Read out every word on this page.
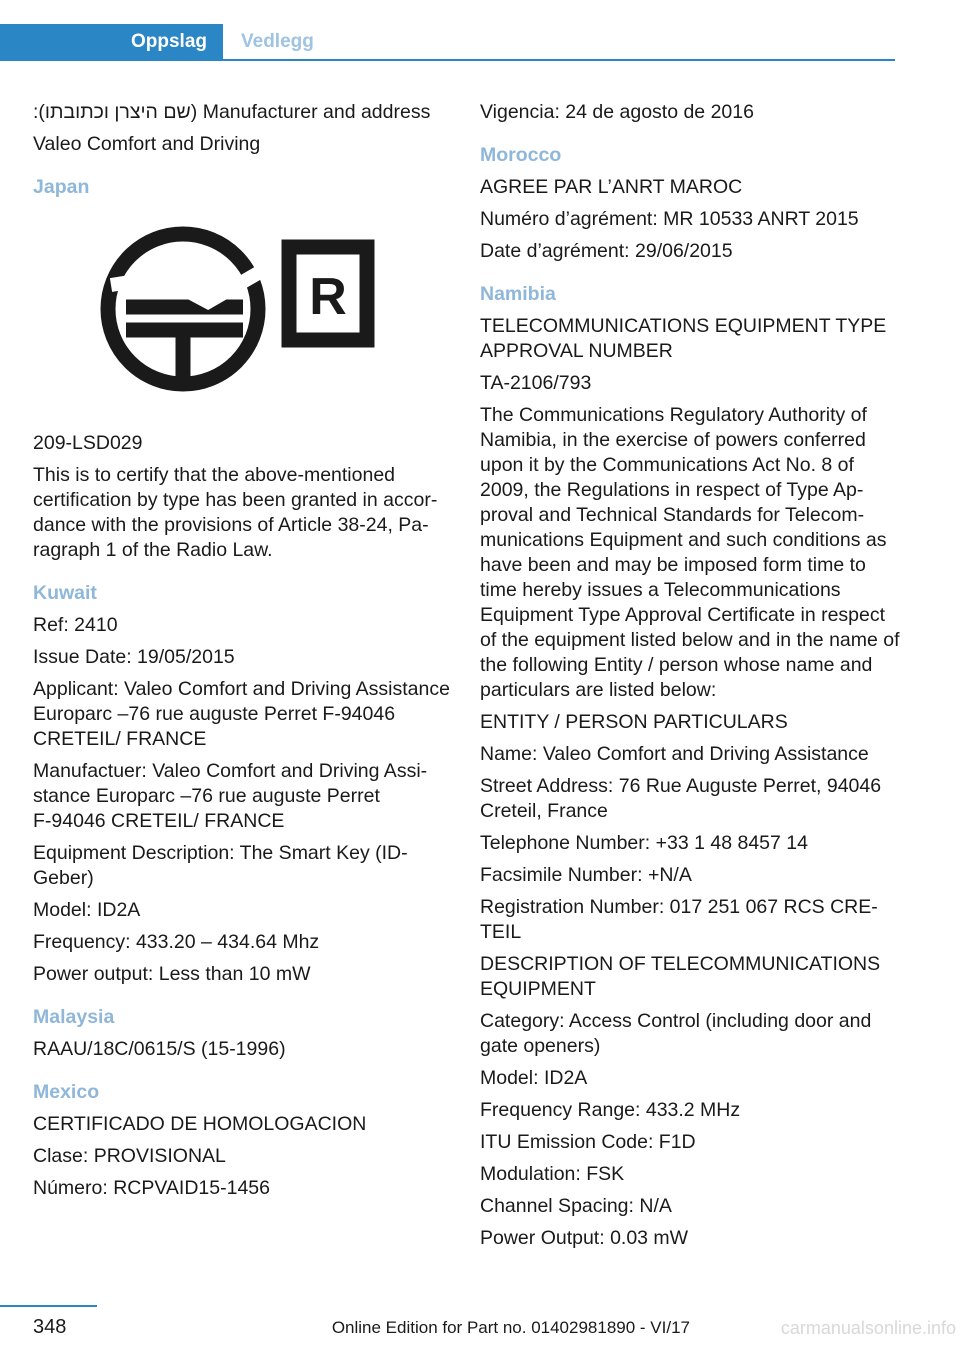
Oppslag	Vedlegg

:(שם היצרן וכתובתו) Manufacturer and address

Valeo Comfort and Driving

Japan
R

209-LSD029

This is to certify that the above-mentioned certification by type has been granted in accordance with the provisions of Article 38-24, Paragraph 1 of the Radio Law.

Kuwait

Ref: 2410

Issue Date: 19/05/2015

Applicant: Valeo Comfort and Driving Assistance Europarc –76 rue auguste Perret F‑94046 CRETEIL/ FRANCE

Manufactuer: Valeo Comfort and Driving Assistance Europarc –76 rue auguste Perret F‑94046 CRETEIL/ FRANCE

Equipment Description: The Smart Key (ID-Geber)

Model: ID2A

Frequency: 433.20 – 434.64 Mhz

Power output: Less than 10 mW

Malaysia

RAAU/18C/0615/S (15-1996)

Mexico

CERTIFICADO DE HOMOLOGACION

Clase: PROVISIONAL

Número: RCPVAID15-1456

Vigencia: 24 de agosto de 2016

Morocco

AGREE PAR L’ANRT MAROC

Numéro d’agrément: MR 10533 ANRT 2015

Date d’agrément: 29/06/2015

Namibia

TELECOMMUNICATIONS EQUIPMENT TYPE APPROVAL NUMBER

TA-2106/793

The Communications Regulatory Authority of Namibia, in the exercise of powers conferred upon it by the Communications Act No. 8 of 2009, the Regulations in respect of Type Approval and Technical Standards for Telecommunications Equipment and such conditions as have been and may be imposed form time to time hereby issues a Telecommunications Equipment Type Approval Certificate in respect of the equipment listed below and in the name of the following Entity / person whose name and particulars are listed below:

ENTITY / PERSON PARTICULARS

Name: Valeo Comfort and Driving Assistance

Street Address: 76 Rue Auguste Perret, 94046 Creteil, France

Telephone Number: +33 1 48 8457 14

Facsimile Number: +N/A

Registration Number: 017 251 067 RCS CRETEIL

DESCRIPTION OF TELECOMMUNICATIONS EQUIPMENT

Category: Access Control (including door and gate openers)

Model: ID2A

Frequency Range: 433.2 MHz

ITU Emission Code: F1D

Modulation: FSK

Channel Spacing: N/A

Power Output: 0.03 mW

348	Online Edition for Part no. 01402981890 - VI/17	carmanualsonline.info
